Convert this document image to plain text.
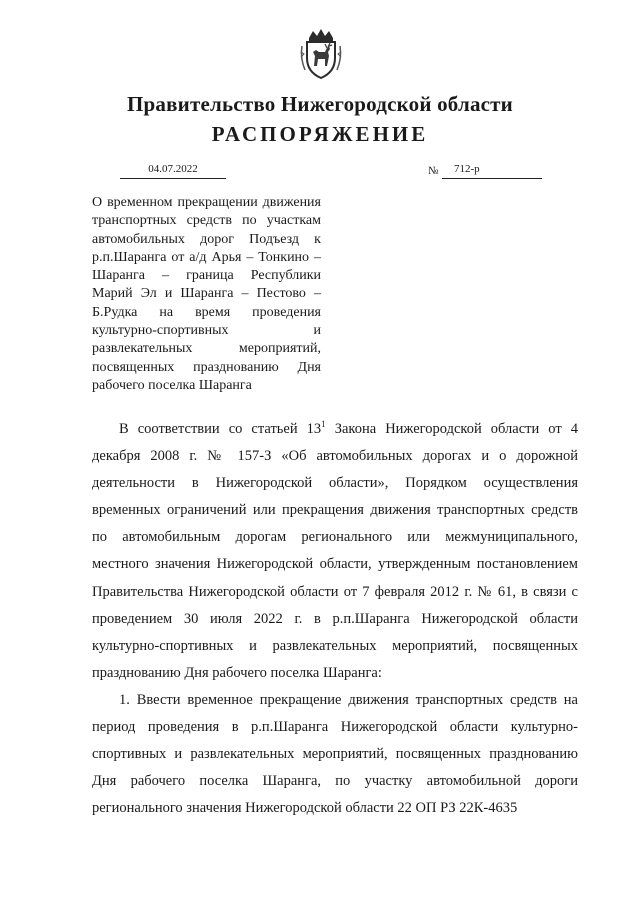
Правительство Нижегородской области
РАСПОРЯЖЕНИЕ
04.07.2022	№	712-р

О временном прекращении движения транспортных средств по участкам автомобильных дорог Подъезд к р.п.Шаранга от а/д Арья – Тонкино – Шаранга – граница Республики Марий Эл и Шаранга – Пестово – Б.Рудка на время проведения культурно-спортивных и развлекательных мероприятий, посвященных празднованию Дня рабочего поселка Шаранга

В соответствии со статьей $13^1$ Закона Нижегородской области от 4 декабря 2008 г. № 157-З «Об автомобильных дорогах и о дорожной деятельности в Нижегородской области», Порядком осуществления временных ограничений или прекращения движения транспортных средств по автомобильным дорогам регионального или межмуниципального, местного значения Нижегородской области, утвержденным постановлением Правительства Нижегородской области от 7 февраля 2012 г. № 61, в связи с проведением 30 июля 2022 г. в р.п.Шаранга Нижегородской области культурно-спортивных и развлекательных мероприятий, посвященных празднованию Дня рабочего поселка Шаранга:

1. Ввести временное прекращение движения транспортных средств на период проведения в р.п.Шаранга Нижегородской области культурно-спортивных и развлекательных мероприятий, посвященных празднованию Дня рабочего поселка Шаранга, по участку автомобильной дороги регионального значения Нижегородской области 22 ОП РЗ 22К-4635
